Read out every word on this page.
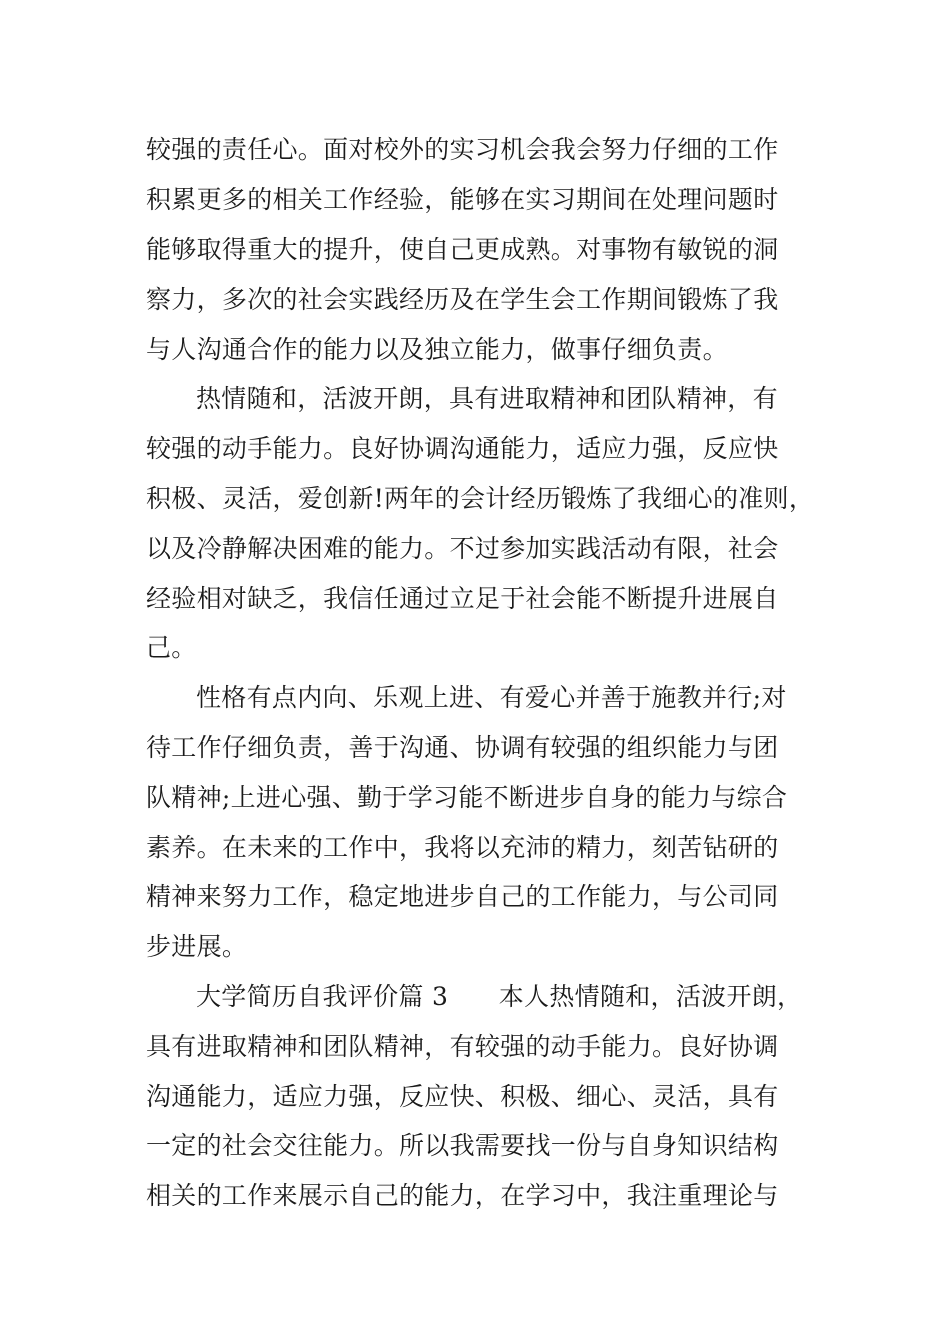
较强的责任心。面对校外的实习机会我会努力仔细的工作
积累更多的相关工作经验，能够在实习期间在处理问题时
能够取得重大的提升，使自己更成熟。对事物有敏锐的洞
察力，多次的社会实践经历及在学生会工作期间锻炼了我
与人沟通合作的能力以及独立能力，做事仔细负责。
热情随和，活波开朗，具有进取精神和团队精神，有
较强的动手能力。良好协调沟通能力，适应力强，反应快
积极、灵活，爱创新!两年的会计经历锻炼了我细心的准则，
以及冷静解决困难的能力。不过参加实践活动有限，社会
经验相对缺乏，我信任通过立足于社会能不断提升进展自
己。
性格有点内向、乐观上进、有爱心并善于施教并行;对
待工作仔细负责，善于沟通、协调有较强的组织能力与团
队精神;上进心强、勤于学习能不断进步自身的能力与综合
素养。在未来的工作中，我将以充沛的精力，刻苦钻研的
精神来努力工作，稳定地进步自己的工作能力，与公司同
步进展。
大学简历自我评价篇 3　　本人热情随和，活波开朗，
具有进取精神和团队精神，有较强的动手能力。良好协调
沟通能力，适应力强，反应快、积极、细心、灵活，具有
一定的社会交往能力。所以我需要找一份与自身知识结构
相关的工作来展示自己的能力，在学习中，我注重理论与
